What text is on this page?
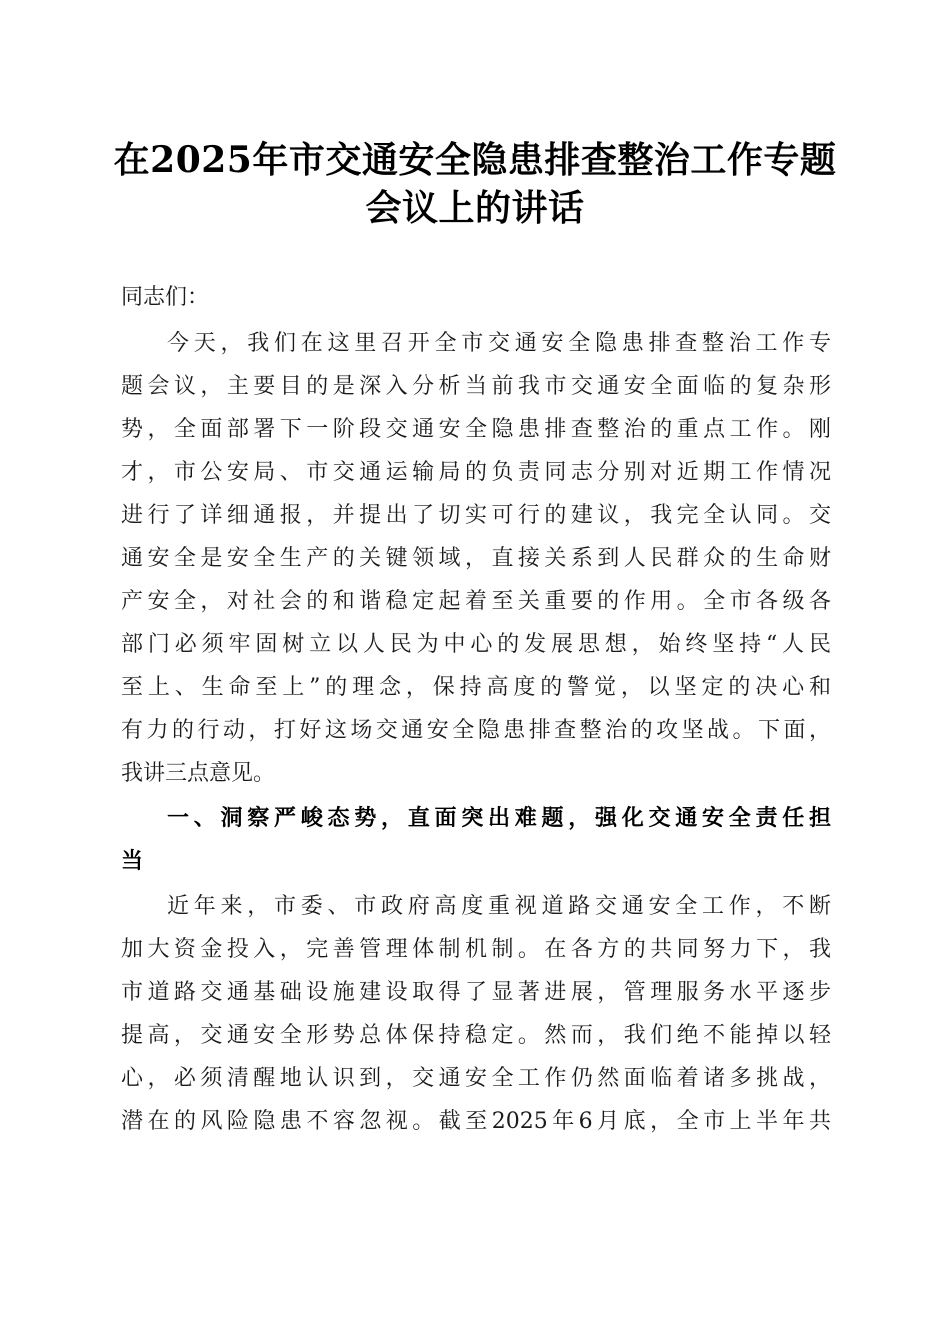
在2025年市交通安全隐患排查整治工作专题
会议上的讲话
同志们：
今天，我们在这里召开全市交通安全隐患排查整治工作专
题会议，主要目的是深入分析当前我市交通安全面临的复杂形
势，全面部署下一阶段交通安全隐患排查整治的重点工作。刚
才，市公安局、市交通运输局的负责同志分别对近期工作情况
进行了详细通报，并提出了切实可行的建议，我完全认同。交
通安全是安全生产的关键领域，直接关系到人民群众的生命财
产安全，对社会的和谐稳定起着至关重要的作用。全市各级各
部门必须牢固树立以人民为中心的发展思想，始终坚持“人民
至上、生命至上”的理念，保持高度的警觉，以坚定的决心和
有力的行动，打好这场交通安全隐患排查整治的攻坚战。下面，
我讲三点意见。
一、洞察严峻态势，直面突出难题，强化交通安全责任担
当
近年来，市委、市政府高度重视道路交通安全工作，不断
加大资金投入，完善管理体制机制。在各方的共同努力下，我
市道路交通基础设施建设取得了显著进展，管理服务水平逐步
提高，交通安全形势总体保持稳定。然而，我们绝不能掉以轻
心，必须清醒地认识到，交通安全工作仍然面临着诸多挑战，
潜在的风险隐患不容忽视。截至2025年6月底，全市上半年共
